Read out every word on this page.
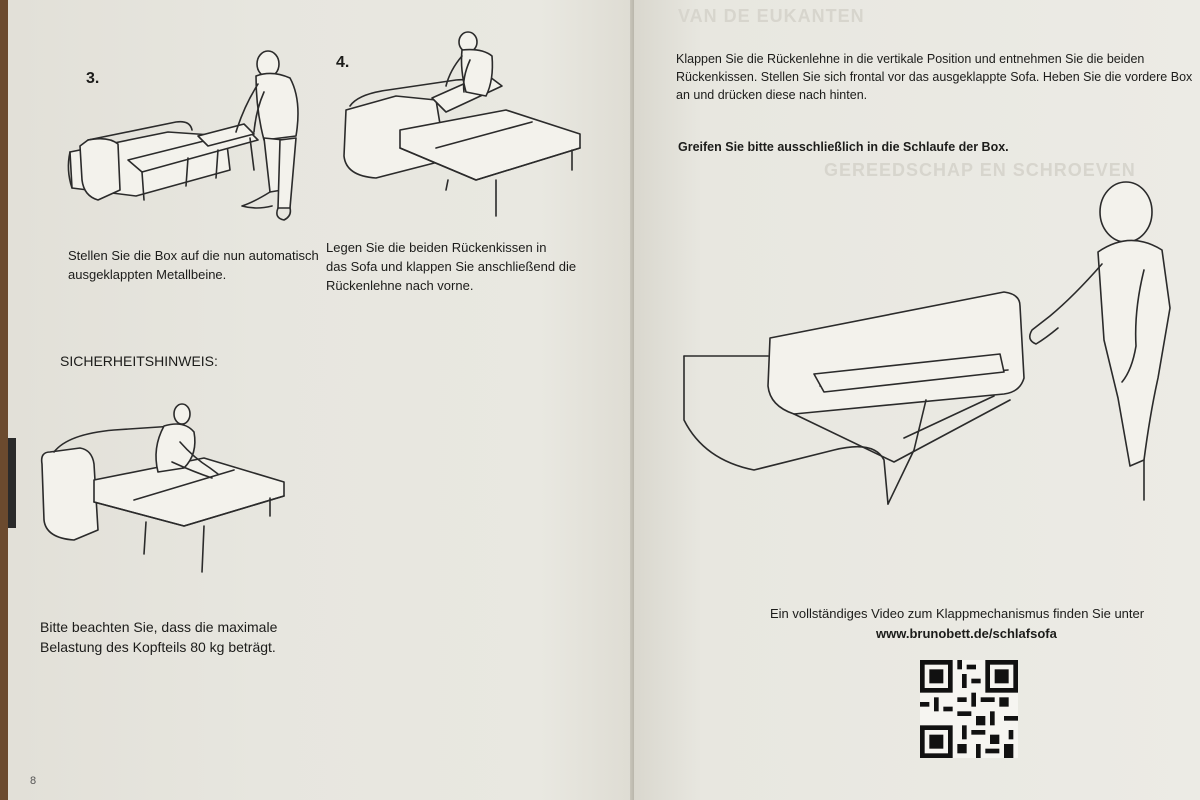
3.
4.
Stellen Sie die Box auf die nun automatisch
ausgeklappten Metallbeine.
Legen Sie die beiden Rückenkissen in
das Sofa und klappen Sie anschließend die
Rückenlehne nach vorne.
SICHERHEITSHINWEIS:
Bitte beachten Sie, dass die maximale
Belastung des Kopfteils 80 kg beträgt.
8
VAN DE EUKANTEN
GEREEDSCHAP EN SCHROEVEN
Klappen Sie die Rückenlehne in die vertikale Position und entnehmen Sie die beiden
Rückenkissen. Stellen Sie sich frontal vor das ausgeklappte Sofa. Heben Sie die vordere Box
an und drücken diese nach hinten.
Greifen Sie bitte ausschließlich in die Schlaufe der Box.
Ein vollständiges Video zum Klappmechanismus finden Sie unter
www.brunobett.de/schlafsofa
